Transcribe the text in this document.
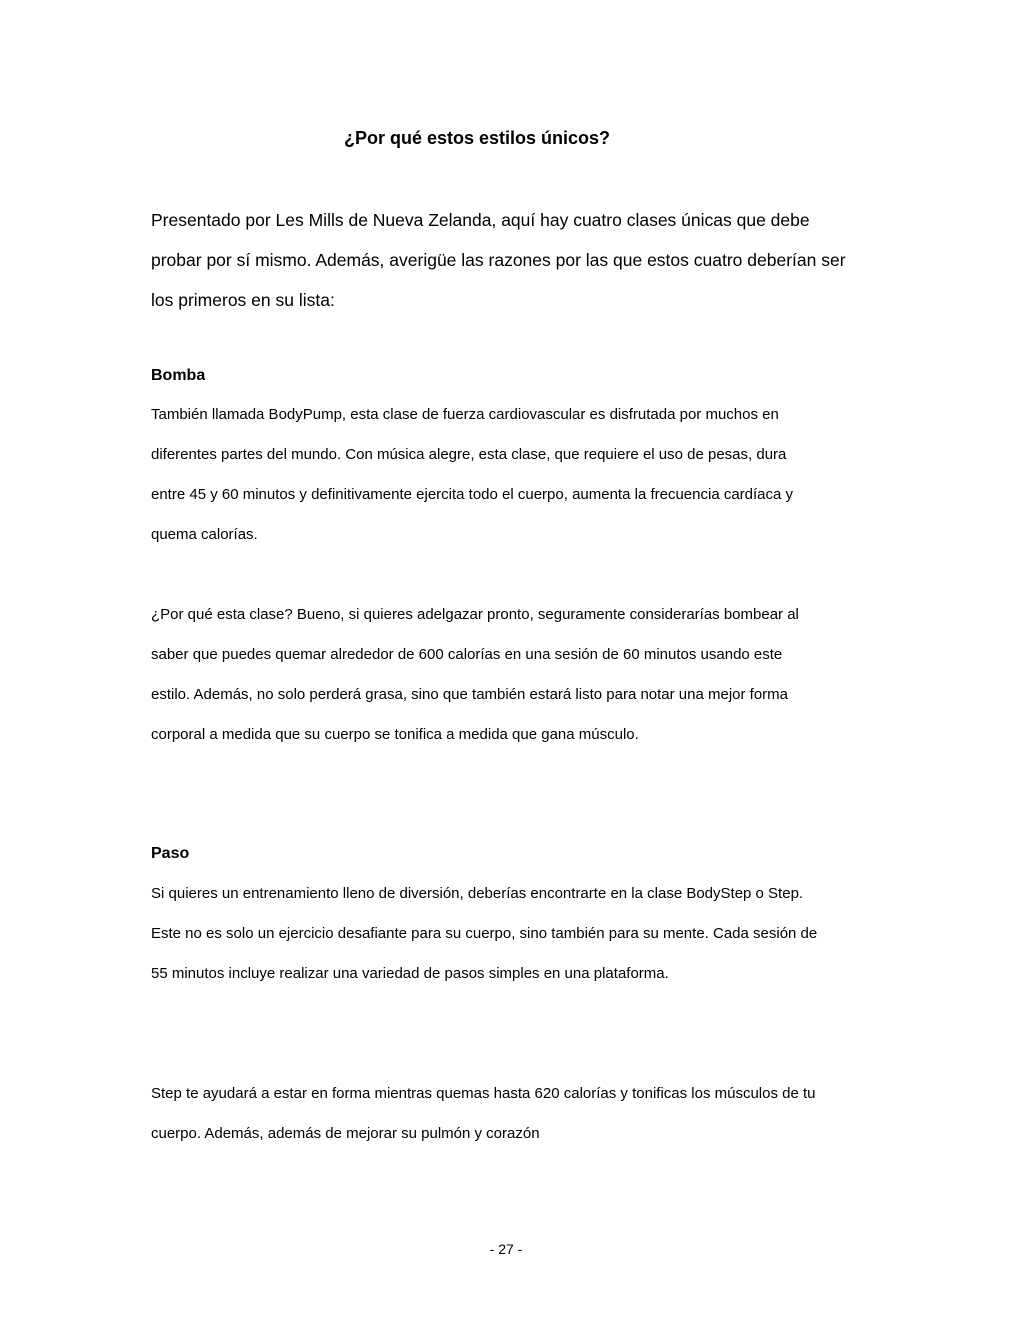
¿Por qué estos estilos únicos?

Presentado por Les Mills de Nueva Zelanda, aquí hay cuatro clases únicas que debe
probar por sí mismo. Además, averigüe las razones por las que estos cuatro deberían ser
los primeros en su lista:

Bomba

También llamada BodyPump, esta clase de fuerza cardiovascular es disfrutada por muchos en
diferentes partes del mundo. Con música alegre, esta clase, que requiere el uso de pesas, dura
entre 45 y 60 minutos y definitivamente ejercita todo el cuerpo, aumenta la frecuencia cardíaca y
quema calorías.

¿Por qué esta clase? Bueno, si quieres adelgazar pronto, seguramente considerarías bombear al
saber que puedes quemar alrededor de 600 calorías en una sesión de 60 minutos usando este
estilo. Además, no solo perderá grasa, sino que también estará listo para notar una mejor forma
corporal a medida que su cuerpo se tonifica a medida que gana músculo.

Paso

Si quieres un entrenamiento lleno de diversión, deberías encontrarte en la clase BodyStep o Step.
Este no es solo un ejercicio desafiante para su cuerpo, sino también para su mente. Cada sesión de
55 minutos incluye realizar una variedad de pasos simples en una plataforma.

Step te ayudará a estar en forma mientras quemas hasta 620 calorías y tonificas los músculos de tu
cuerpo. Además, además de mejorar su pulmón y corazón

- 27 -
